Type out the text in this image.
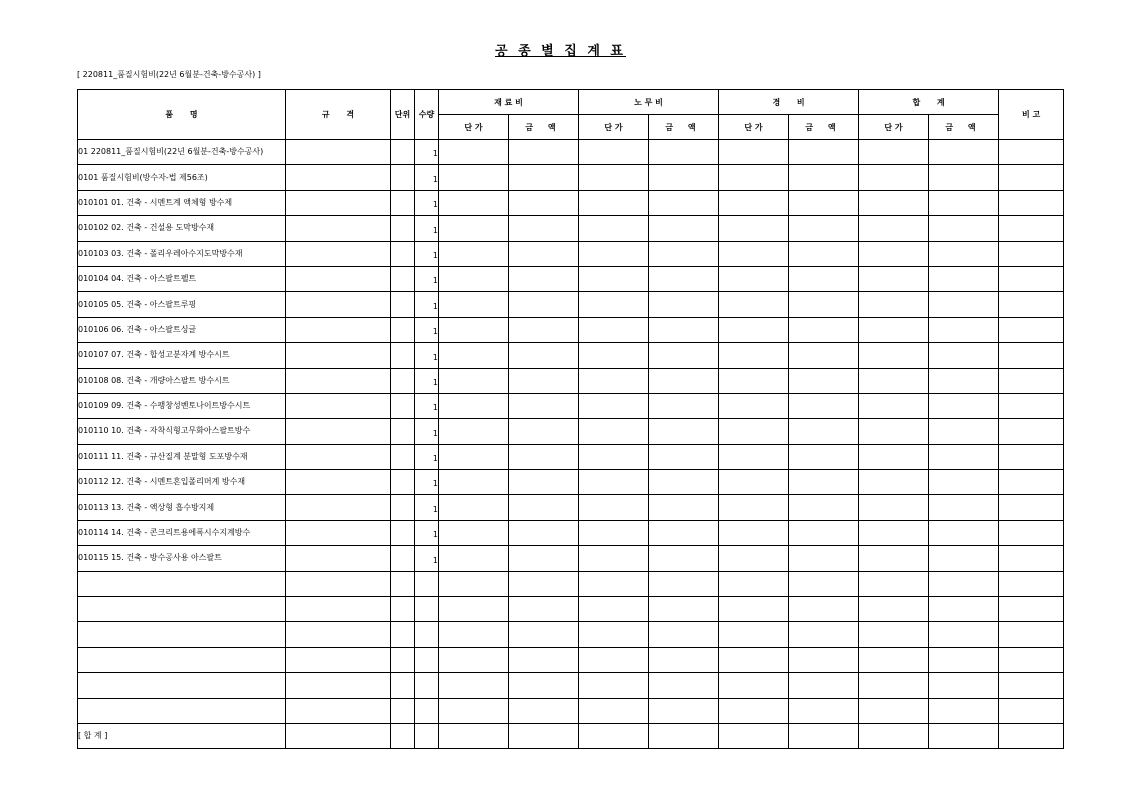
공 종 별 집 계 표
[ 220811_품질시험비(22년 6월분-건축-방수공사) ]
품      명	규      격	단위	수량	재 료 비		노 무 비		경      비		합      계		비 고
				단 가	금 액	단 가	금 액	단 가	금 액	단 가	금 액	
01 220811_품질시험비(22년 6월분-건축-방수공사)			1									
0101 품질시험비(방수자-법 제56조)			1									
010101 01. 건축 - 시멘트계 액체형 방수제			1									
010102 02. 건축 - 건설용 도막방수재			1									
010103 03. 건축 - 폴리우레아수지도막방수재			1									
010104 04. 건축 - 아스팔트펠트			1									
010105 05. 건축 - 아스팔트루핑			1									
010106 06. 건축 - 아스팔트싱글			1									
010107 07. 건축 - 합성고분자계 방수시트			1									
010108 08. 건축 - 개량아스팔트 방수시트			1									
010109 09. 건축 - 수팽창성벤토나이트방수시트			1									
010110 10. 건축 - 자착식형고무화아스팔트방수			1									
010111 11. 건축 - 규산질계 분말형 도포방수재			1									
010112 12. 건축 - 시멘트혼입폴리머계 방수재			1									
010113 13. 건축 - 액상형 흡수방지제			1									
010114 14. 건축 - 콘크리트용에폭시수지계방수			1									
010115 15. 건축 - 방수공사용 아스팔트			1									

[ 합 계 ]												
